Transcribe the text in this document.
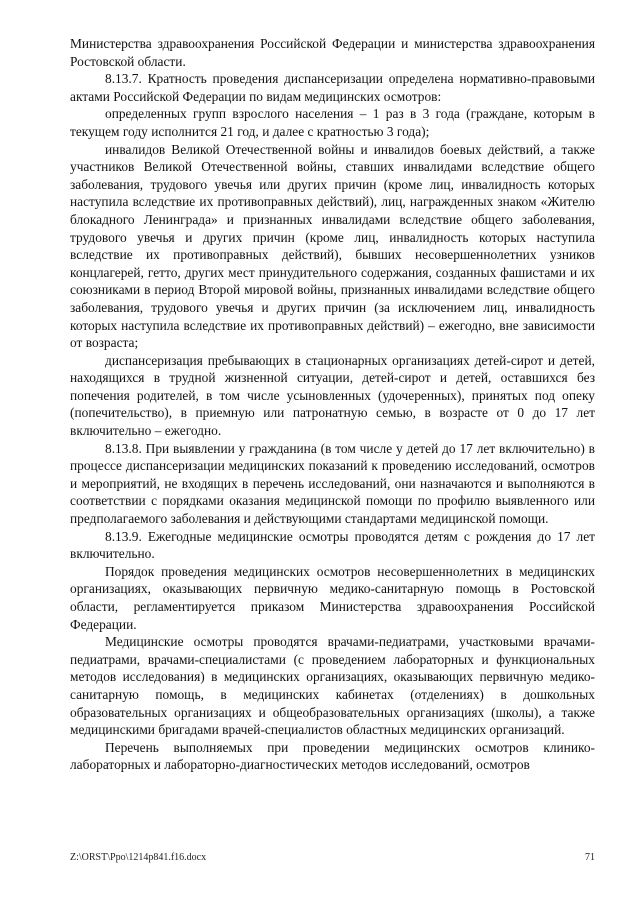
Министерства здравоохранения Российской Федерации и министерства здравоохранения Ростовской области.

8.13.7. Кратность проведения диспансеризации определена нормативно-правовыми актами Российской Федерации по видам медицинских осмотров:

определенных групп взрослого населения – 1 раз в 3 года (граждане, которым в текущем году исполнится 21 год, и далее с кратностью 3 года);

инвалидов Великой Отечественной войны и инвалидов боевых действий, а также участников Великой Отечественной войны, ставших инвалидами вследствие общего заболевания, трудового увечья или других причин (кроме лиц, инвалидность которых наступила вследствие их противоправных действий), лиц, награжденных знаком «Жителю блокадного Ленинграда» и признанных инвалидами вследствие общего заболевания, трудового увечья и других причин (кроме лиц, инвалидность которых наступила вследствие их противоправных действий), бывших несовершеннолетних узников концлагерей, гетто, других мест принудительного содержания, созданных фашистами и их союзниками в период Второй мировой войны, признанных инвалидами вследствие общего заболевания, трудового увечья и других причин (за исключением лиц, инвалидность которых наступила вследствие их противоправных действий) – ежегодно, вне зависимости от возраста;

диспансеризация пребывающих в стационарных организациях детей-сирот и детей, находящихся в трудной жизненной ситуации, детей-сирот и детей, оставшихся без попечения родителей, в том числе усыновленных (удочеренных), принятых под опеку (попечительство), в приемную или патронатную семью, в возрасте от 0 до 17 лет включительно – ежегодно.

8.13.8. При выявлении у гражданина (в том числе у детей до 17 лет включительно) в процессе диспансеризации медицинских показаний к проведению исследований, осмотров и мероприятий, не входящих в перечень исследований, они назначаются и выполняются в соответствии с порядками оказания медицинской помощи по профилю выявленного или предполагаемого заболевания и действующими стандартами медицинской помощи.

8.13.9. Ежегодные медицинские осмотры проводятся детям с рождения до 17 лет включительно.

Порядок проведения медицинских осмотров несовершеннолетних в медицинских организациях, оказывающих первичную медико-санитарную помощь в Ростовской области, регламентируется приказом Министерства здравоохранения Российской Федерации.

Медицинские осмотры проводятся врачами-педиатрами, участковыми врачами-педиатрами, врачами-специалистами (с проведением лабораторных и функциональных методов исследования) в медицинских организациях, оказывающих первичную медико-санитарную помощь, в медицинских кабинетах (отделениях) в дошкольных образовательных организациях и общеобразовательных организациях (школы), а также медицинскими бригадами врачей-специалистов областных медицинских организаций.

Перечень выполняемых при проведении медицинских осмотров клинико-лабораторных и лабораторно-диагностических методов исследований, осмотров

Z:\ORST\Ppo\1214p841.f16.docx	71
